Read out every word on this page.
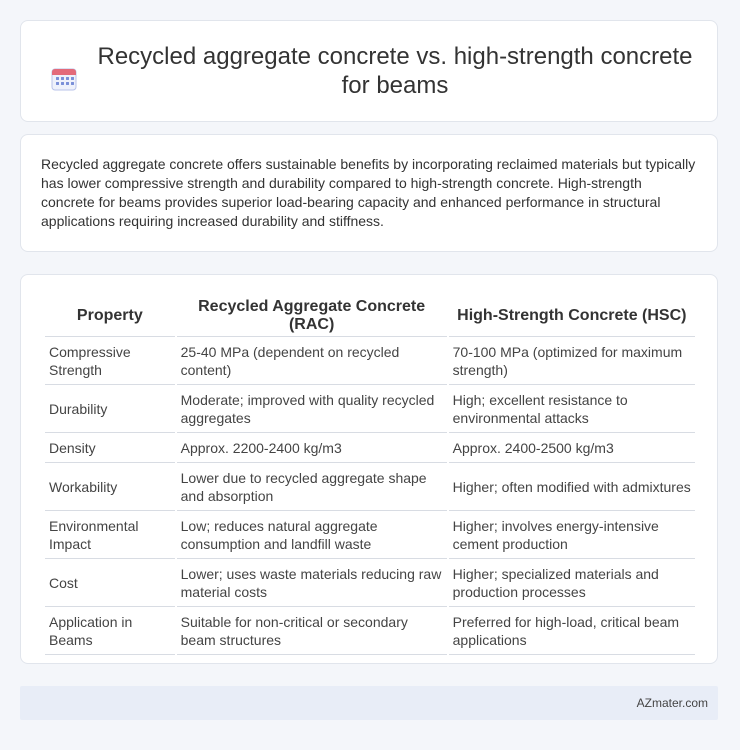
Recycled aggregate concrete vs. high-strength concrete for beams

Recycled aggregate concrete offers sustainable benefits by incorporating reclaimed materials but typically has lower compressive strength and durability compared to high-strength concrete. High-strength concrete for beams provides superior load-bearing capacity and enhanced performance in structural applications requiring increased durability and stiffness.

Property	Recycled Aggregate Concrete (RAC)	High-Strength Concrete (HSC)
Compressive Strength	25-40 MPa (dependent on recycled content)	70-100 MPa (optimized for maximum strength)
Durability	Moderate; improved with quality recycled aggregates	High; excellent resistance to environmental attacks
Density	Approx. 2200-2400 kg/m3	Approx. 2400-2500 kg/m3
Workability	Lower due to recycled aggregate shape and absorption	Higher; often modified with admixtures
Environmental Impact	Low; reduces natural aggregate consumption and landfill waste	Higher; involves energy-intensive cement production
Cost	Lower; uses waste materials reducing raw material costs	Higher; specialized materials and production processes
Application in Beams	Suitable for non-critical or secondary beam structures	Preferred for high-load, critical beam applications
AZmater.com
